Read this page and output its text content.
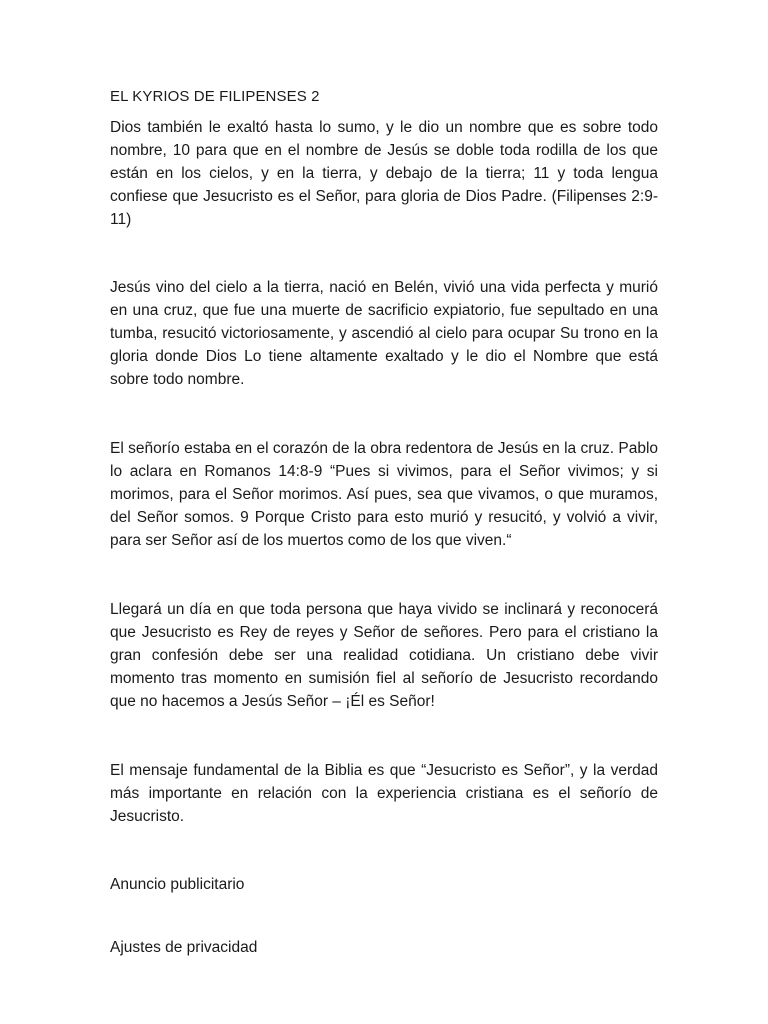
EL KYRIOS DE FILIPENSES 2

Dios también le exaltó hasta lo sumo, y le dio un nombre que es sobre todo nombre, 10 para que en el nombre de Jesús se doble toda rodilla de los que están en los cielos, y en la tierra, y debajo de la tierra; 11 y toda lengua confiese que Jesucristo es el Señor, para gloria de Dios Padre. (Filipenses 2:9-11)

Jesús vino del cielo a la tierra, nació en Belén, vivió una vida perfecta y murió en una cruz, que fue una muerte de sacrificio expiatorio, fue sepultado en una tumba, resucitó victoriosamente, y ascendió al cielo para ocupar Su trono en la gloria donde Dios Lo tiene altamente exaltado y le dio el Nombre que está sobre todo nombre.

El señorío estaba en el corazón de la obra redentora de Jesús en la cruz. Pablo lo aclara en Romanos 14:8-9 “Pues si vivimos, para el Señor vivimos; y si morimos, para el Señor morimos. Así pues, sea que vivamos, o que muramos, del Señor somos. 9 Porque Cristo para esto murió y resucitó, y volvió a vivir, para ser Señor así de los muertos como de los que viven.“

Llegará un día en que toda persona que haya vivido se inclinará y reconocerá que Jesucristo es Rey de reyes y Señor de señores. Pero para el cristiano la gran confesión debe ser una realidad cotidiana. Un cristiano debe vivir momento tras momento en sumisión fiel al señorío de Jesucristo recordando que no hacemos a Jesús Señor – ¡Él es Señor!

El mensaje fundamental de la Biblia es que “Jesucristo es Señor”, y la verdad más importante en relación con la experiencia cristiana es el señorío de Jesucristo.

Anuncio publicitario
Ajustes de privacidad
